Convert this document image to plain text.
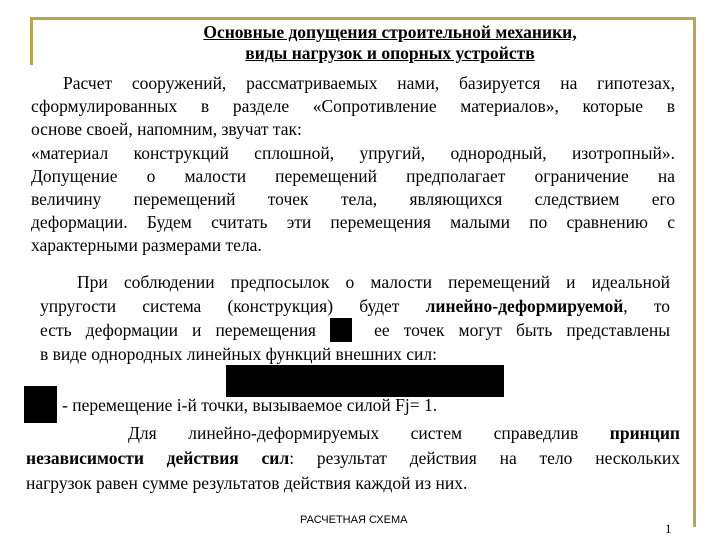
Основные допущения строительной механики,
виды нагрузок и опорных устройств
Расчет сооружений, рассматриваемых нами, базируется на гипотезах,
сформулированных в разделе «Сопротивление материалов», которые в
основе своей, напомним, звучат так:
«материал конструкций сплошной, упругий, однородный, изотропный».
Допущение о малости перемещений предполагает ограничение на
величину перемещений точек тела, являющихся следствием его
деформации. Будем считать эти перемещения малыми по сравнению с
характерными размерами тела.
При соблюдении предпосылок о малости перемещений и идеальной
упругости система (конструкция) будет линейно-деформируемой, то
есть деформации и перемещения  ее точек могут быть представлены
в виде однородных линейных функций внешних сил:
- перемещение i-й точки, вызываемое силой Fj= 1.
Для линейно-деформируемых систем справедлив принцип
независимости действия сил: результат действия на тело нескольких
нагрузок равен сумме результатов действия каждой из них.
РАСЧЕТНАЯ СХЕМА
1
